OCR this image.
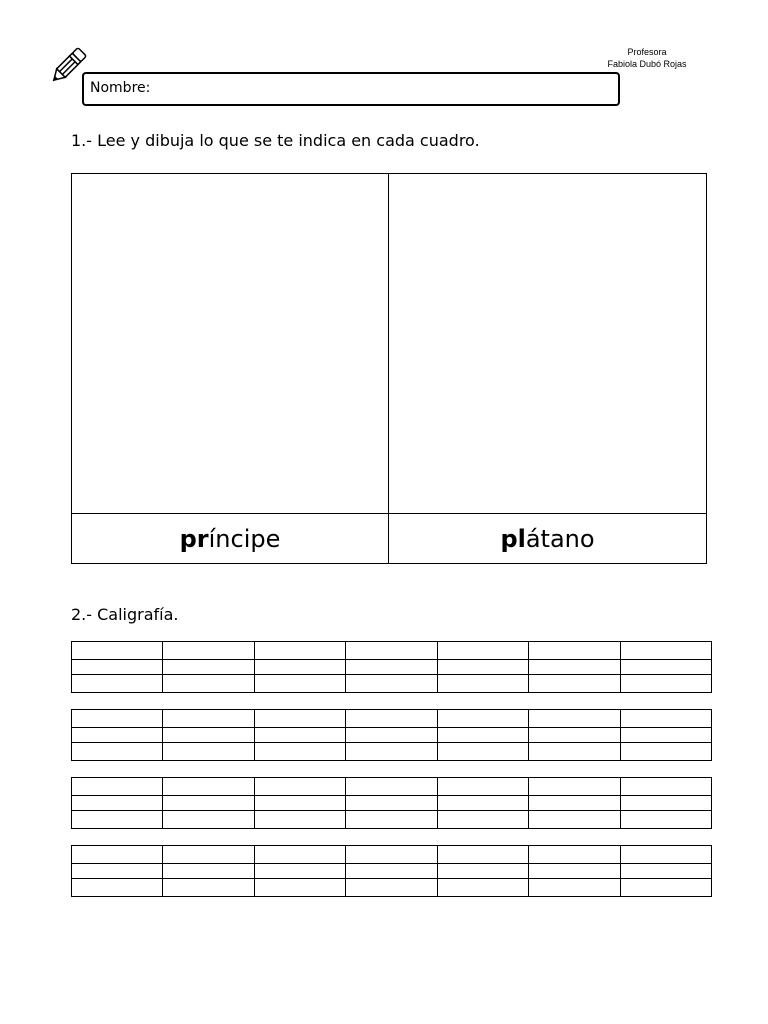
Profesora
Fabiola Dubó Rojas
Nombre:
1.- Lee y dibuja lo que se te indica en cada cuadro.
pr íncipe	pl átano
2.- Caligrafía.
